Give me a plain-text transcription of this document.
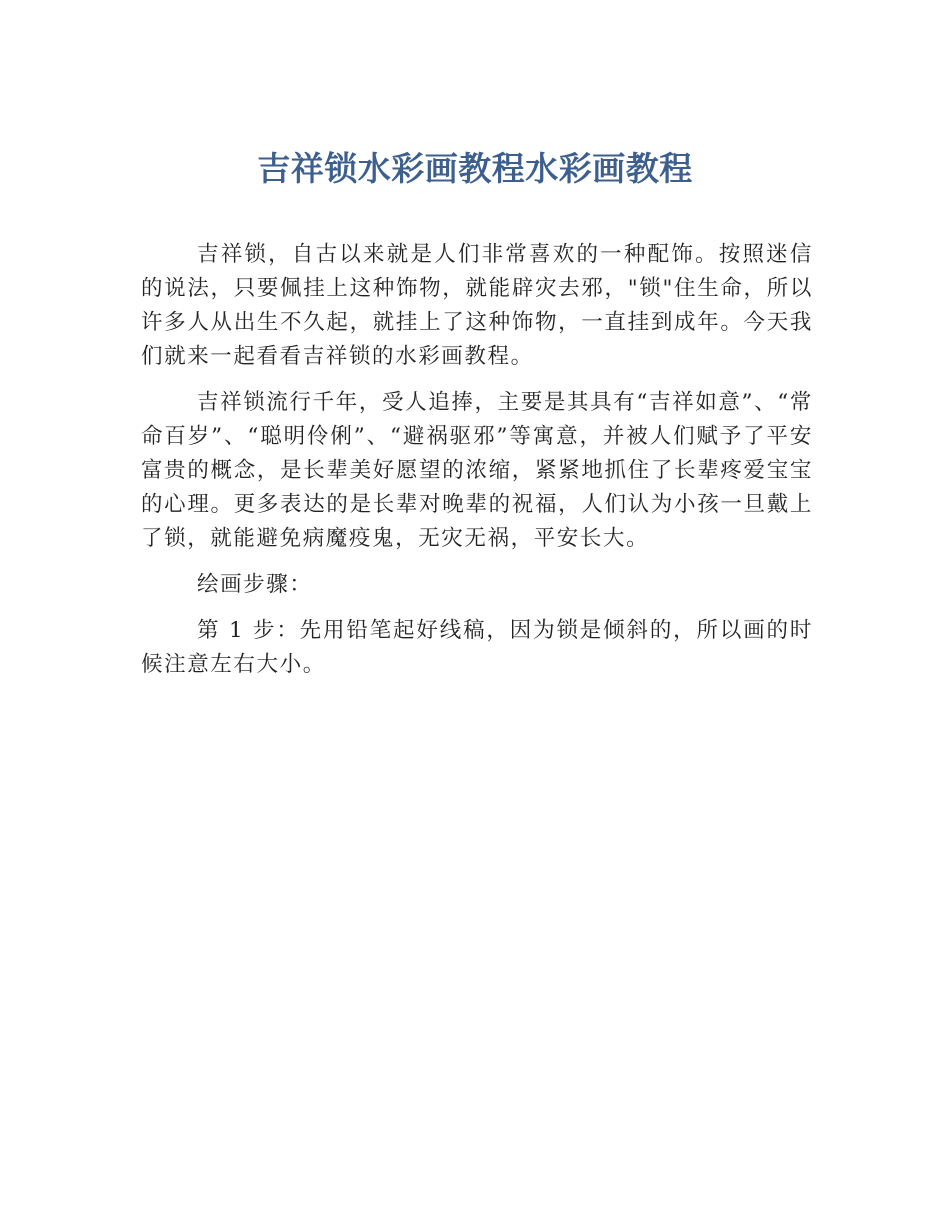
吉祥锁水彩画教程水彩画教程

吉祥锁，自古以来就是人们非常喜欢的一种配饰。按照迷信的说法，只要佩挂上这种饰物，就能辟灾去邪，"锁"住生命，所以许多人从出生不久起，就挂上了这种饰物，一直挂到成年。今天我们就来一起看看吉祥锁的水彩画教程。

吉祥锁流行千年，受人追捧，主要是其具有“吉祥如意”、“常命百岁”、“聪明伶俐”、“避祸驱邪”等寓意，并被人们赋予了平安富贵的概念，是长辈美好愿望的浓缩，紧紧地抓住了长辈疼爱宝宝的心理。更多表达的是长辈对晚辈的祝福，人们认为小孩一旦戴上了锁，就能避免病魔疫鬼，无灾无祸，平安长大。

绘画步骤：

第 1 步：先用铅笔起好线稿，因为锁是倾斜的，所以画的时候注意左右大小。
